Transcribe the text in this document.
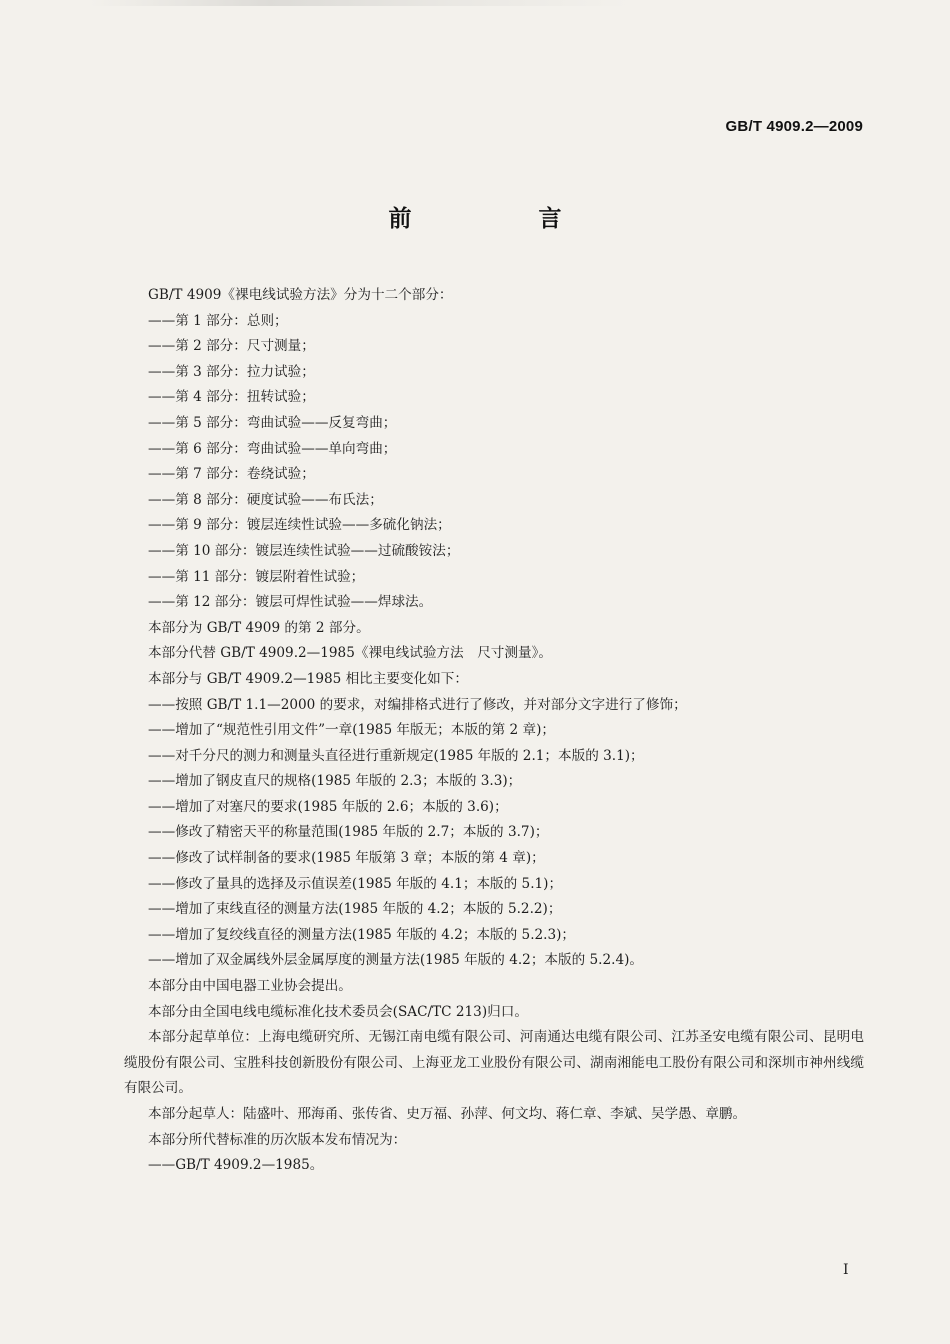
GB/T 4909.2—2009
前　言
GB/T 4909《裸电线试验方法》分为十二个部分：
——第 1 部分：总则；
——第 2 部分：尺寸测量；
——第 3 部分：拉力试验；
——第 4 部分：扭转试验；
——第 5 部分：弯曲试验——反复弯曲；
——第 6 部分：弯曲试验——单向弯曲；
——第 7 部分：卷绕试验；
——第 8 部分：硬度试验——布氏法；
——第 9 部分：镀层连续性试验——多硫化钠法；
——第 10 部分：镀层连续性试验——过硫酸铵法；
——第 11 部分：镀层附着性试验；
——第 12 部分：镀层可焊性试验——焊球法。
本部分为 GB/T 4909 的第 2 部分。
本部分代替 GB/T 4909.2—1985《裸电线试验方法　尺寸测量》。
本部分与 GB/T 4909.2—1985 相比主要变化如下：
——按照 GB/T 1.1—2000 的要求，对编排格式进行了修改，并对部分文字进行了修饰；
——增加了“规范性引用文件”一章(1985 年版无；本版的第 2 章)；
——对千分尺的测力和测量头直径进行重新规定(1985 年版的 2.1；本版的 3.1)；
——增加了钢皮直尺的规格(1985 年版的 2.3；本版的 3.3)；
——增加了对塞尺的要求(1985 年版的 2.6；本版的 3.6)；
——修改了精密天平的称量范围(1985 年版的 2.7；本版的 3.7)；
——修改了试样制备的要求(1985 年版第 3 章；本版的第 4 章)；
——修改了量具的选择及示值误差(1985 年版的 4.1；本版的 5.1)；
——增加了束线直径的测量方法(1985 年版的 4.2；本版的 5.2.2)；
——增加了复绞线直径的测量方法(1985 年版的 4.2；本版的 5.2.3)；
——增加了双金属线外层金属厚度的测量方法(1985 年版的 4.2；本版的 5.2.4)。
本部分由中国电器工业协会提出。
本部分由全国电线电缆标准化技术委员会(SAC/TC 213)归口。
本部分起草单位：上海电缆研究所、无锡江南电缆有限公司、河南通达电缆有限公司、江苏圣安电缆有限公司、昆明电缆股份有限公司、宝胜科技创新股份有限公司、上海亚龙工业股份有限公司、湖南湘能电工股份有限公司和深圳市神州线缆有限公司。
本部分起草人：陆盛叶、邢海甬、张传省、史万福、孙萍、何文均、蒋仁章、李斌、吴学愚、章鹏。
本部分所代替标准的历次版本发布情况为：
——GB/T 4909.2—1985。
I
